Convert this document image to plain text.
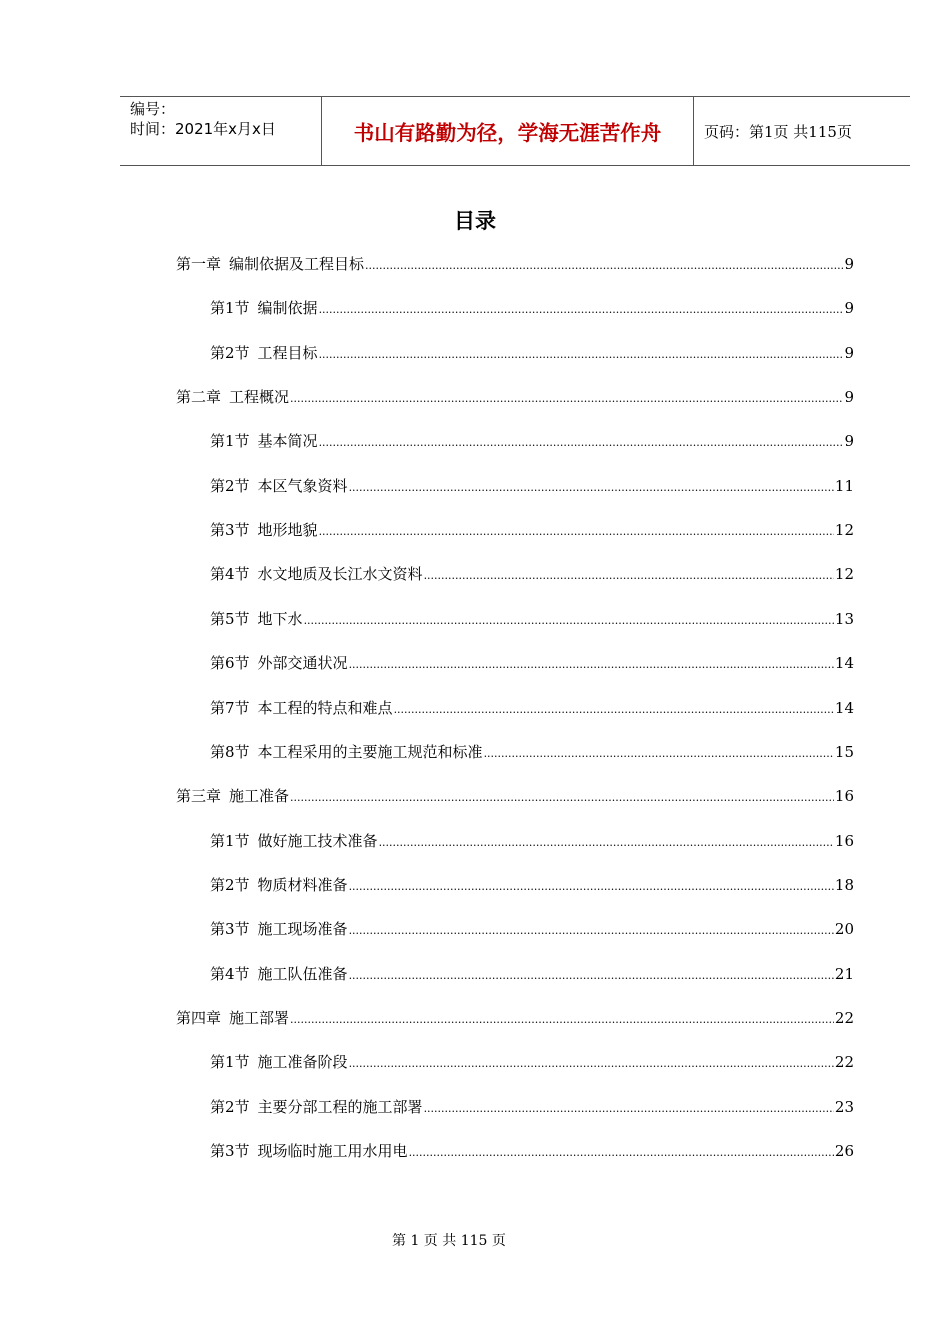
编号：
时间：2021年x月x日	书山有路勤为径，学海无涯苦作舟	页码：第1页 共115页
目录
第一章 编制依据及工程目标 .....	9
第1节 编制依据 .....	9
第2节 工程目标 .....	9
第二章 工程概况 .....	9
第1节 基本简况 .....	9
第2节 本区气象资料 .....	11
第3节 地形地貌 .....	12
第4节 水文地质及长江水文资料 .....	12
第5节 地下水 .....	13
第6节 外部交通状况 .....	14
第7节 本工程的特点和难点 .....	14
第8节 本工程采用的主要施工规范和标准 .....	15
第三章 施工准备 .....	16
第1节 做好施工技术准备 .....	16
第2节 物质材料准备 .....	18
第3节 施工现场准备 .....	20
第4节 施工队伍准备 .....	21
第四章 施工部署 .....	22
第1节 施工准备阶段 .....	22
第2节 主要分部工程的施工部署 .....	23
第3节 现场临时施工用水用电 .....	26
第 1 页 共 115 页
